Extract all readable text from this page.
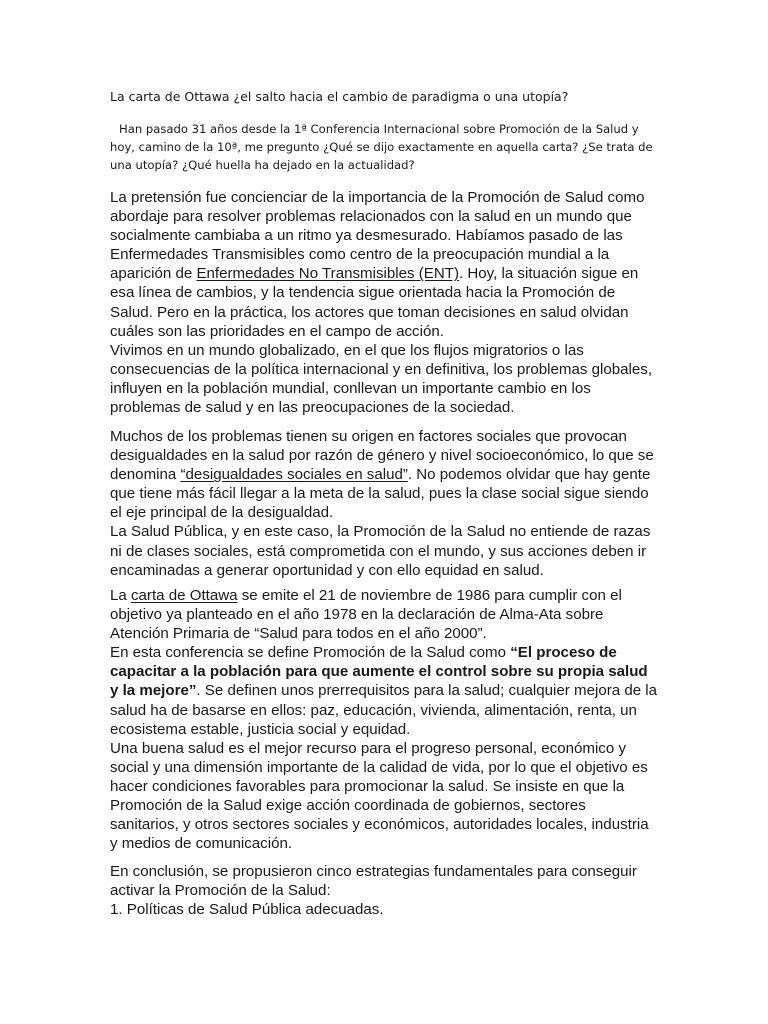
La carta de Ottawa ¿el salto hacia el cambio de paradigma o una utopía?

Han pasado 31 años desde la 1ª Conferencia Internacional sobre Promoción de la Salud y hoy, camino de la 10ª, me pregunto ¿Qué se dijo exactamente en aquella carta? ¿Se trata de una utopía? ¿Qué huella ha dejado en la actualidad?

La pretensión fue concienciar de la importancia de la Promoción de Salud como abordaje para resolver problemas relacionados con la salud en un mundo que socialmente cambiaba a un ritmo ya desmesurado. Habíamos pasado de las Enfermedades Transmisibles como centro de la preocupación mundial a la aparición de Enfermedades No Transmisibles (ENT). Hoy, la situación sigue en esa línea de cambios, y la tendencia sigue orientada hacia la Promoción de Salud. Pero en la práctica, los actores que toman decisiones en salud olvidan cuáles son las prioridades en el campo de acción.
Vivimos en un mundo globalizado, en el que los flujos migratorios o las consecuencias de la política internacional y en definitiva, los problemas globales, influyen en la población mundial, conllevan un importante cambio en los problemas de salud y en las preocupaciones de la sociedad.

Muchos de los problemas tienen su origen en factores sociales que provocan desigualdades en la salud por razón de género y nivel socioeconómico, lo que se denomina “desigualdades sociales en salud”. No podemos olvidar que hay gente que tiene más fácil llegar a la meta de la salud, pues la clase social sigue siendo el eje principal de la desigualdad.
La Salud Pública, y en este caso, la Promoción de la Salud no entiende de razas ni de clases sociales, está comprometida con el mundo, y sus acciones deben ir encaminadas a generar oportunidad y con ello equidad en salud.

La carta de Ottawa se emite el 21 de noviembre de 1986 para cumplir con el objetivo ya planteado en el año 1978 en la declaración de Alma-Ata sobre Atención Primaria de “Salud para todos en el año 2000”.
En esta conferencia se define Promoción de la Salud como “El proceso de capacitar a la población para que aumente el control sobre su propia salud y la mejore”. Se definen unos prerrequisitos para la salud; cualquier mejora de la salud ha de basarse en ellos: paz, educación, vivienda, alimentación, renta, un ecosistema estable, justicia social y equidad.
Una buena salud es el mejor recurso para el progreso personal, económico y social y una dimensión importante de la calidad de vida, por lo que el objetivo es hacer condiciones favorables para promocionar la salud. Se insiste en que la Promoción de la Salud exige acción coordinada de gobiernos, sectores sanitarios, y otros sectores sociales y económicos, autoridades locales, industria y medios de comunicación.

En conclusión, se propusieron cinco estrategias fundamentales para conseguir activar la Promoción de la Salud:
1. Políticas de Salud Pública adecuadas.
